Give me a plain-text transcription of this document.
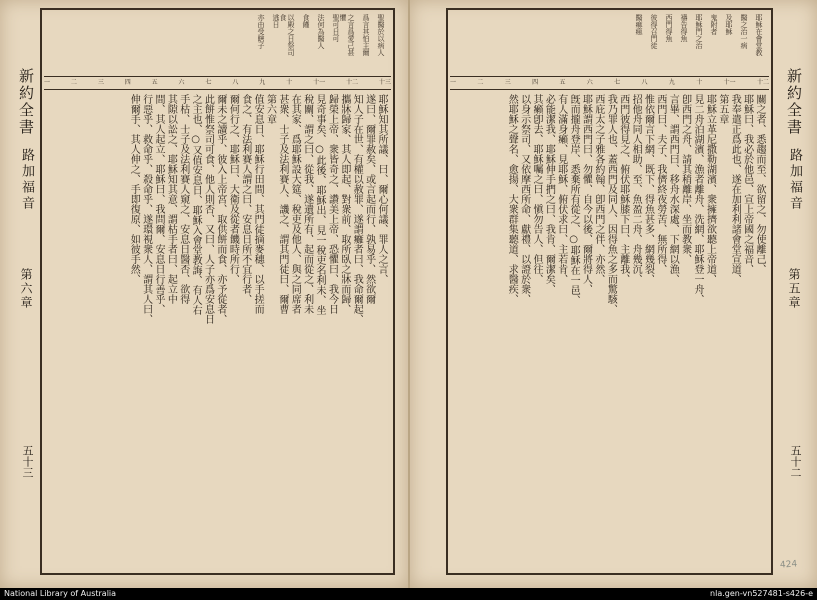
新約全書
路加福音
第六章
五十三
聖醫於以病人
爲言其怕主爾
之言爲愛己甚懼
聖可日可
法何為醫人
食饉
以殿之日祭司食
逃日
亦由受瞎子
十三
十二
十一
十
九
八
七
六
五
四
三
二
一
耶穌知其所議、曰、爾心何議、罪人之言、
遂曰、爾罪赦矣、或言起而行、孰易乎、然欲爾
知人子在世、有權以赦罪、遂謂癱者曰、我命爾起、
攜牀歸家、其人即起、對衆前、取所臥之牀而歸、
歸榮上帝、衆皆奇之、讚美上帝、恐懼曰、我今日
見奇事矣、○此後、耶穌出、見一稅吏名利未、坐
稅關、謂之曰、從我、遂遺所有、起而從之、利未
在其家、爲耶穌設大筵、稅吏及他人、與之同席者
甚衆、士子及法利賽人、譏之、謂其門徒曰、爾曹
第六章
值安息日、耶穌行田間、其門徒摘麥穗、以手搓而
食之、有法利賽人謂之曰、安息日所不宜行者、
爾何行之、耶穌曰、大衛及從者饑時所行、
爾未之讀乎、彼入上帝宮、取供餅而食、亦予從者、
此餅惟祭司可食、他人則否、又曰、人子亦爲安息日
之主也、○又值安息日、耶穌入會堂教誨、有人右
手枯、士子及法利賽人窺之、安息日醫否、欲得
其隙以訟之、耶穌知其意、謂枯手者曰、起立中
間、其人起立、耶穌曰、我問爾、安息日行善乎、
行惡乎、救命乎、殺命乎、遂環視衆人、謂其人曰、
伸爾手、其人伸之、手即復原、如彼手然、
耶穌在會堂教
醫之治一病
及耶穌
鬼附者
耶穌門之治
禱告得魚
西門得魚
彼得召門徒
醫痲瘋
十二
十一
十
九
八
七
六
五
四
三
二
一
關之者、悉趨而至、欲留之、勿使離己、
耶穌曰、我必於他邑、宣上帝國之福音、
我奉遣正爲此也、遂在加利利諸會堂宣道、
第五章
耶穌立革尼撒勒湖濱、衆擁擠欲聽上帝道、
見二舟泊湖濱、漁者離舟、洗網、耶穌登一舟、
卽西門之舟、請其稍離岸、坐而教衆、
言畢、謂西門曰、移舟水深處、下網以漁、
西門曰、夫子、我儕終夜勞苦、無所得、
惟依爾言下網、既下、得魚甚多、網幾裂、
招他舟同人相助、至、魚盈二舟、舟幾沉、
西門彼得見之、俯伏耶穌膝下曰、主離我、
我乃罪人也、蓋西門及同人、因得魚之多而驚駭、
西庇太之子雅各約翰、卽西門之伴、亦然、
耶穌謂西門曰、勿懼、自今以後、爾將得人、
旣而攏舟登岸、悉棄所有從之、○耶穌在一邑、
有人滿身癩、見耶穌、俯伏求曰、主若肯、
必能潔我、耶穌伸手捫之曰、我肯、爾潔矣、
其癩卽去、耶穌囑之曰、愼勿告人、但往、
以身示祭司、又依摩西所命、獻禮、以證於衆、
然耶穌之聲名、愈揚、大衆群集聽道、求醫疾、	新約全書
路加福音
第五章
五十二
424
National Library of Australia	nla.gen-vn527481-s426-e
